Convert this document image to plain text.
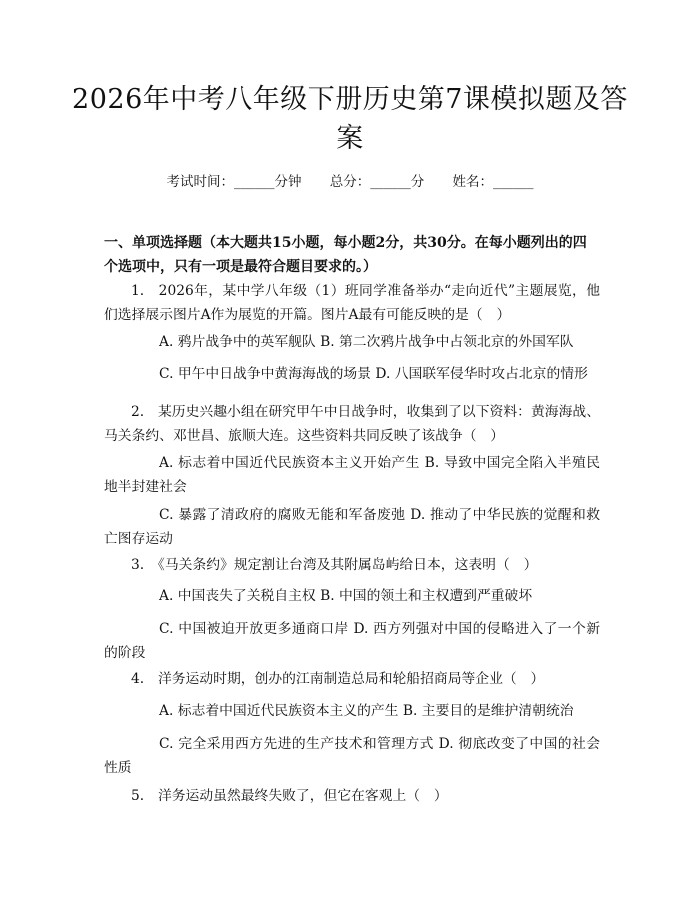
2026年中考八年级下册历史第7课模拟题及答案
考试时间：______分钟 总分：______分 姓名：______
一、单项选择题（本大题共15小题，每小题2分，共30分。在每小题列出的四个选项中，只有一项是最符合题目要求的。）
1.　2026年，某中学八年级（1）班同学准备举办“走向近代”主题展览，他们选择展示图片A作为展览的开篇。图片A最有可能反映的是（　）
A. 鸦片战争中的英军舰队 B. 第二次鸦片战争中占领北京的外国军队
C. 甲午中日战争中黄海海战的场景 D. 八国联军侵华时攻占北京的情形
2.　某历史兴趣小组在研究甲午中日战争时，收集到了以下资料：黄海海战、马关条约、邓世昌、旅顺大连。这些资料共同反映了该战争（　）
A. 标志着中国近代民族资本主义开始产生 B. 导致中国完全陷入半殖民地半封建社会
C. 暴露了清政府的腐败无能和军备废弛 D. 推动了中华民族的觉醒和救亡图存运动
3.　《马关条约》规定割让台湾及其附属岛屿给日本，这表明（　）
A. 中国丧失了关税自主权 B. 中国的领土和主权遭到严重破坏
C. 中国被迫开放更多通商口岸 D. 西方列强对中国的侵略进入了一个新的阶段
4.　洋务运动时期，创办的江南制造总局和轮船招商局等企业（　）
A. 标志着中国近代民族资本主义的产生 B. 主要目的是维护清朝统治
C. 完全采用西方先进的生产技术和管理方式 D. 彻底改变了中国的社会性质
5.　洋务运动虽然最终失败了，但它在客观上（　）
